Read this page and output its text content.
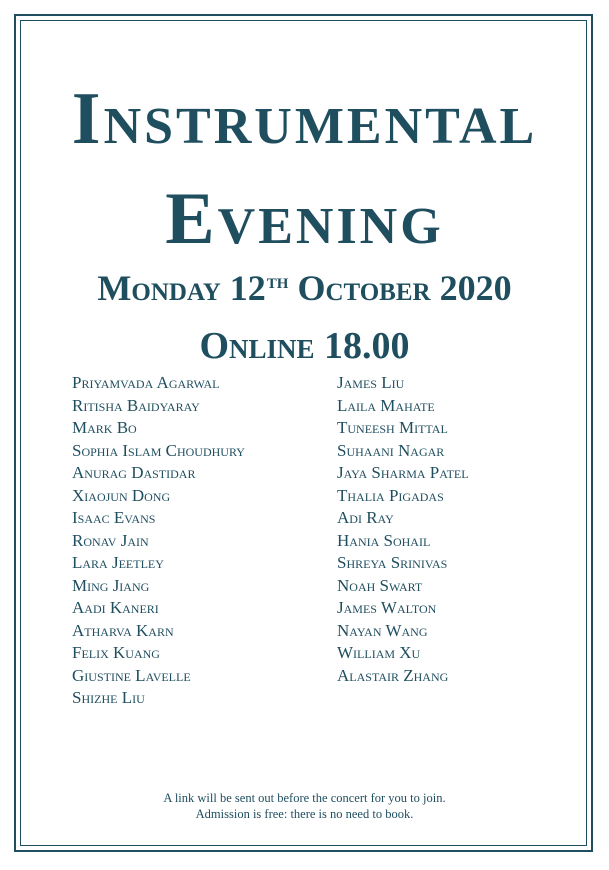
Instrumental
Evening
Monday 12th October 2020
Online 18.00
Priyamvada Agarwal
Ritisha Baidyaray
Mark Bo
Sophia Islam Choudhury
Anurag Dastidar
Xiaojun Dong
Isaac Evans
Ronav Jain
Lara Jeetley
Ming Jiang
Aadi Kaneri
Atharva Karn
Felix Kuang
Giustine Lavelle
Shizhe Liu
James Liu
Laila Mahate
Tuneesh Mittal
Suhaani Nagar
Jaya Sharma Patel
Thalia Pigadas
Adi Ray
Hania Sohail
Shreya Srinivas
Noah Swart
James Walton
Nayan Wang
William Xu
Alastair Zhang
A link will be sent out before the concert for you to join.
Admission is free: there is no need to book.
